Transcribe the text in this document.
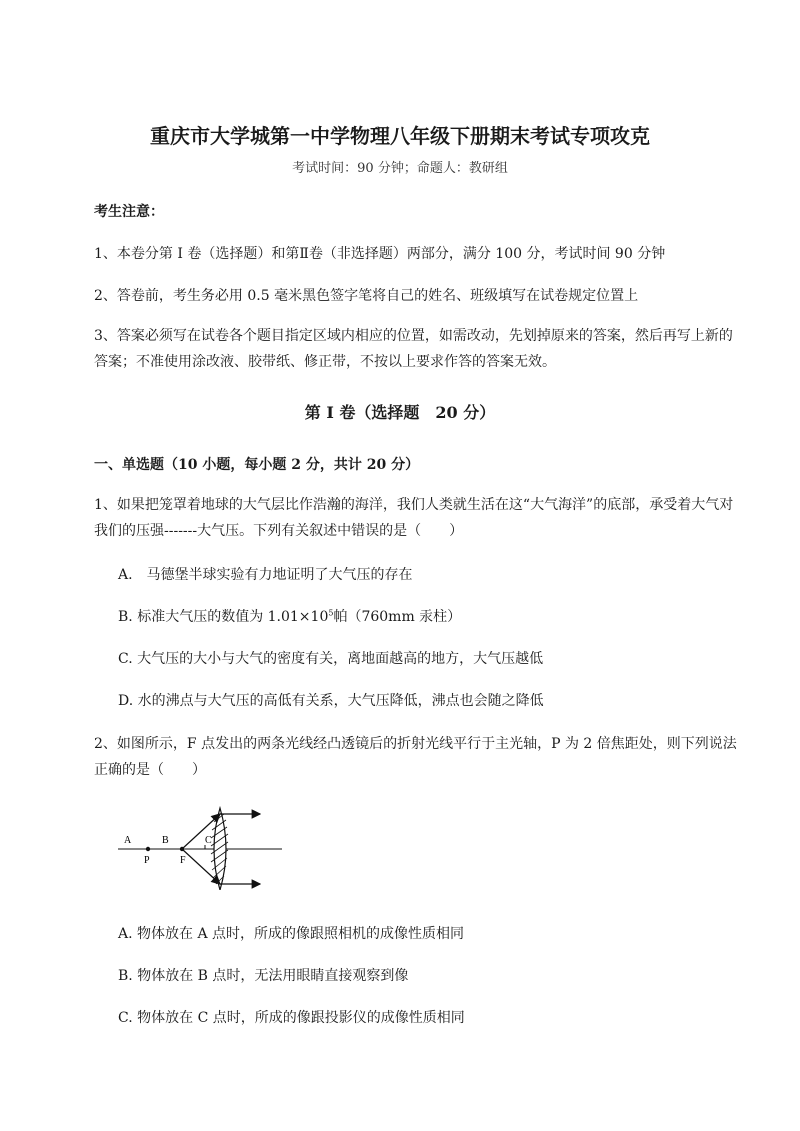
重庆市大学城第一中学物理八年级下册期末考试专项攻克
考试时间：90 分钟；命题人：教研组
考生注意：
1、本卷分第 I 卷（选择题）和第Ⅱ卷（非选择题）两部分，满分 100 分，考试时间 90 分钟
2、答卷前，考生务必用 0.5 毫米黑色签字笔将自己的姓名、班级填写在试卷规定位置上
3、答案必须写在试卷各个题目指定区域内相应的位置，如需改动，先划掉原来的答案，然后再写上新的答案；不准使用涂改液、胶带纸、修正带，不按以上要求作答的答案无效。
第 I 卷（选择题　20 分）
一、单选题（10 小题，每小题 2 分，共计 20 分）
1、如果把笼罩着地球的大气层比作浩瀚的海洋，我们人类就生活在这“大气海洋”的底部，承受着大气对我们的压强-------大气压。下列有关叙述中错误的是（　　）
A.　马德堡半球实验有力地证明了大气压的存在
B. 标准大气压的数值为 $1.01\times 10^5$帕（760mm 汞柱）
C. 大气压的大小与大气的密度有关，离地面越高的地方，大气压越低
D. 水的沸点与大气压的高低有关系，大气压降低，沸点也会随之降低
2、如图所示，F 点发出的两条光线经凸透镜后的折射光线平行于主光轴，P 为 2 倍焦距处，则下列说法正确的是（　　）
A	B	C
P	F
A. 物体放在 A 点时，所成的像跟照相机的成像性质相同
B. 物体放在 B 点时，无法用眼睛直接观察到像
C. 物体放在 C 点时，所成的像跟投影仪的成像性质相同
